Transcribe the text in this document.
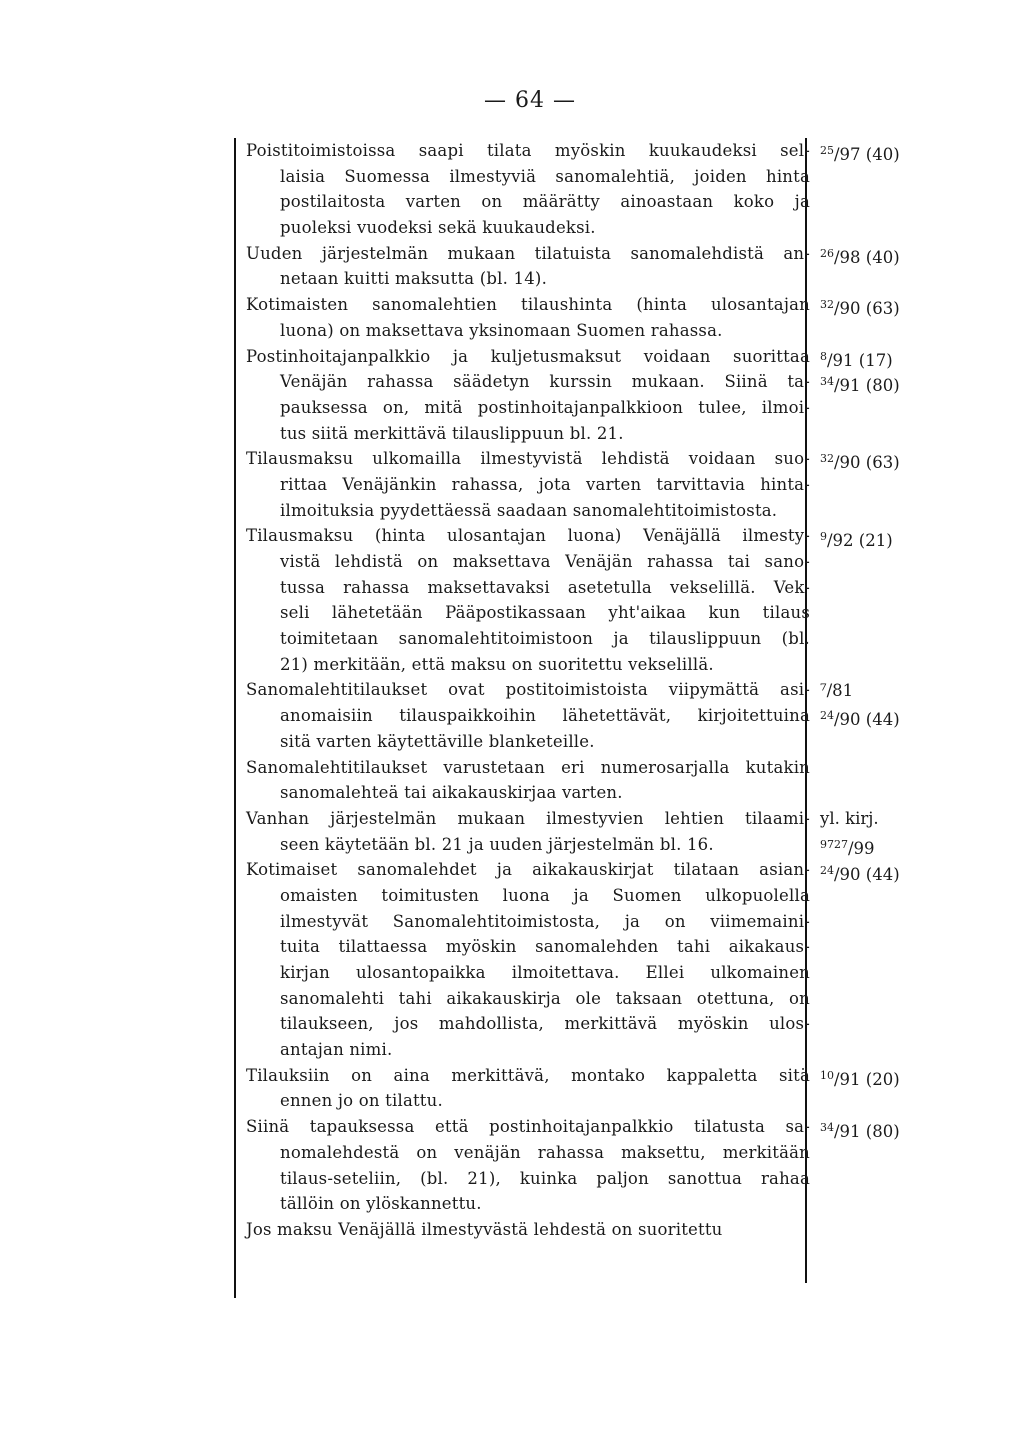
— 64 —
Poistitoimistoissa saapi tilata myöskin kuukaudeksi sel-
laisia Suomessa ilmestyviä sanomalehtiä, joiden hinta
postilaitosta varten on määrätty ainoastaan koko ja
puoleksi vuodeksi sekä kuukaudeksi.
Uuden järjestelmän mukaan tilatuista sanomalehdistä an-
netaan kuitti maksutta (bl. 14).
Kotimaisten sanomalehtien tilaushinta (hinta ulosantajan
luona) on maksettava yksinomaan Suomen rahassa.
Postinhoitajanpalkkio ja kuljetusmaksut voidaan suorittaa
Venäjän rahassa säädetyn kurssin mukaan. Siinä ta-
pauksessa on, mitä postinhoitajanpalkkioon tulee, ilmoi-
tus siitä merkittävä tilauslippuun bl. 21.
Tilausmaksu ulkomailla ilmestyvistä lehdistä voidaan suo-
rittaa Venäjänkin rahassa, jota varten tarvittavia hinta-
ilmoituksia pyydettäessä saadaan sanomalehtitoimistosta.
Tilausmaksu (hinta ulosantajan luona) Venäjällä ilmesty-
vistä lehdistä on maksettava Venäjän rahassa tai sano-
tussa rahassa maksettavaksi asetetulla vekselillä. Vek-
seli lähetetään Pääpostikassaan yht'aikaa kun tilaus
toimitetaan sanomalehtitoimistoon ja tilauslippuun (bl.
21) merkitään, että maksu on suoritettu vekselillä.
Sanomalehtitilaukset ovat postitoimistoista viipymättä asi-
anomaisiin tilauspaikkoihin lähetettävät, kirjoitettuina
sitä varten käytettäville blanketeille.
Sanomalehtitilaukset varustetaan eri numerosarjalla kutakin
sanomalehteä tai aikakauskirjaa varten.
Vanhan järjestelmän mukaan ilmestyvien lehtien tilaami-
seen käytetään bl. 21 ja uuden järjestelmän bl. 16.
Kotimaiset sanomalehdet ja aikakauskirjat tilataan asian-
omaisten toimitusten luona ja Suomen ulkopuolella
ilmestyvät Sanomalehtitoimistosta, ja on viimemaini-
tuita tilattaessa myöskin sanomalehden tahi aikakaus-
kirjan ulosantopaikka ilmoitettava. Ellei ulkomainen
sanomalehti tahi aikakauskirja ole taksaan otettuna, on
tilaukseen, jos mahdollista, merkittävä myöskin ulos-
antajan nimi.
Tilauksiin on aina merkittävä, montako kappaletta sitä
ennen jo on tilattu.
Siinä tapauksessa että postinhoitajanpalkkio tilatusta sa-
nomalehdestä on venäjän rahassa maksettu, merkitään
tilaus-seteliin, (bl. 21), kuinka paljon sanottua rahaa
tällöin on ylöskannettu.
Jos maksu Venäjällä ilmestyvästä lehdestä on suoritettu
$^{25}$/97 (40)
$^{26}$/98 (40)
$^{32}$/90 (63)
$^8$/91 (17)
$^{34}$/91 (80)
$^{32}$/90 (63)
$^9$/92 (21)
⁷/81
$^{24}$/90 (44)
yl. kirj.
$^{9727}$/99
$^{24}$/90 (44)
$^{10}$/91 (20)
$^{34}$/91 (80)
